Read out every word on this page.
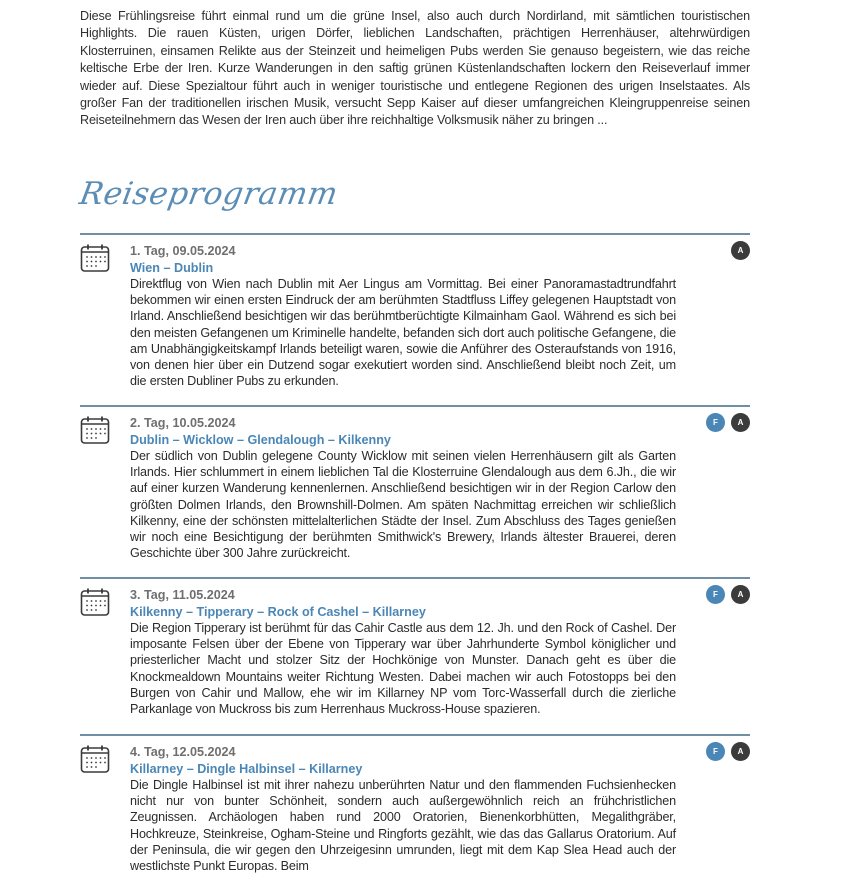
Diese Frühlingsreise führt einmal rund um die grüne Insel, also auch durch Nordirland, mit sämtlichen touristischen Highlights. Die rauen Küsten, urigen Dörfer, lieblichen Landschaften, prächtigen Herrenhäuser, altehrwürdigen Klosterruinen, einsamen Relikte aus der Steinzeit und heimeligen Pubs werden Sie genauso begeistern, wie das reiche keltische Erbe der Iren. Kurze Wanderungen in den saftig grünen Küstenlandschaften lockern den Reiseverlauf immer wieder auf. Diese Spezialtour führt auch in weniger touristische und entlegene Regionen des urigen Inselstaates. Als großer Fan der traditionellen irischen Musik, versucht Sepp Kaiser auf dieser umfangreichen Kleingruppenreise seinen Reiseteilnehmern das Wesen der Iren auch über ihre reichhaltige Volksmusik näher zu bringen ...

Reiseprogramm
1. Tag, 09.05.2024
Wien – Dublin

Direktflug von Wien nach Dublin mit Aer Lingus am Vormittag. Bei einer Panoramastadtrundfahrt bekommen wir einen ersten Eindruck der am berühmten Stadtfluss Liffey gelegenen Hauptstadt von Irland. Anschließend besichtigen wir das berühmtberüchtigte Kilmainham Gaol. Während es sich bei den meisten Gefangenen um Kriminelle handelte, befanden sich dort auch politische Gefangene, die am Unabhängigkeitskampf Irlands beteiligt waren, sowie die Anführer des Osteraufstands von 1916, von denen hier über ein Dutzend sogar exekutiert worden sind. Anschließend bleibt noch Zeit, um die ersten Dubliner Pubs zu erkunden.

A
2. Tag, 10.05.2024
Dublin – Wicklow – Glendalough – Kilkenny

Der südlich von Dublin gelegene County Wicklow mit seinen vielen Herrenhäusern gilt als Garten Irlands. Hier schlummert in einem lieblichen Tal die Klosterruine Glendalough aus dem 6.Jh., die wir auf einer kurzen Wanderung kennenlernen. Anschließend besichtigen wir in der Region Carlow den größten Dolmen Irlands, den Brownshill-Dolmen. Am späten Nachmittag erreichen wir schließlich Kilkenny, eine der schönsten mittelalterlichen Städte der Insel. Zum Abschluss des Tages genießen wir noch eine Besichtigung der berühmten Smithwick's Brewery, Irlands ältester Brauerei, deren Geschichte über 300 Jahre zurückreicht.

F	A
3. Tag, 11.05.2024
Kilkenny – Tipperary – Rock of Cashel – Killarney

Die Region Tipperary ist berühmt für das Cahir Castle aus dem 12. Jh. und den Rock of Cashel. Der imposante Felsen über der Ebene von Tipperary war über Jahrhunderte Symbol königlicher und priesterlicher Macht und stolzer Sitz der Hochkönige von Munster. Danach geht es über die Knockmealdown Mountains weiter Richtung Westen. Dabei machen wir auch Fotostopps bei den Burgen von Cahir und Mallow, ehe wir im Killarney NP vom Torc-Wasserfall durch die zierliche Parkanlage von Muckross bis zum Herrenhaus Muckross-House spazieren.

F	A
4. Tag, 12.05.2024
Killarney – Dingle Halbinsel – Killarney

Die Dingle Halbinsel ist mit ihrer nahezu unberührten Natur und den flammenden Fuchsienhecken nicht nur von bunter Schönheit, sondern auch außergewöhnlich reich an frühchristlichen Zeugnissen. Archäologen haben rund 2000 Oratorien, Bienenkorbhütten, Megalithgräber, Hochkreuze, Steinkreise, Ogham-Steine und Ringforts gezählt, wie das das Gallarus Oratorium. Auf der Peninsula, die wir gegen den Uhrzeigesinn umrunden, liegt mit dem Kap Slea Head auch der westlichste Punkt Europas. Beim

F	A
